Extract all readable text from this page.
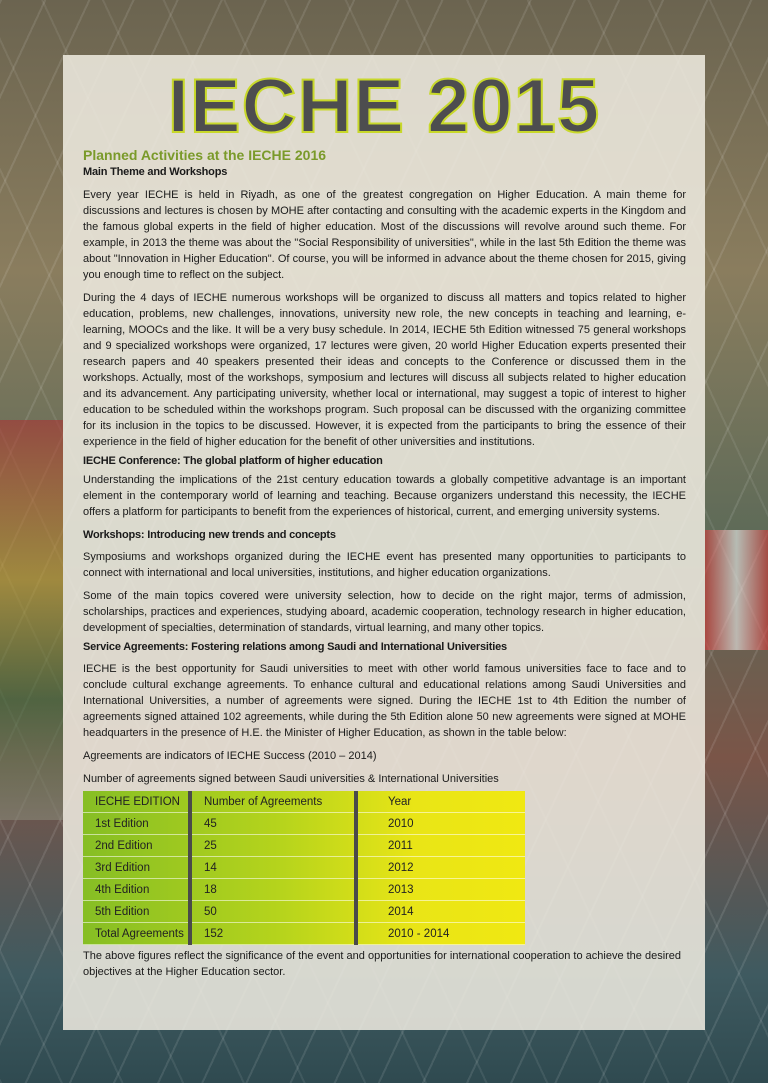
IECHE 2015
Planned Activities at the IECHE 2016
Main Theme and Workshops

Every year IECHE is held in Riyadh, as one of the greatest congregation on Higher Education. A main theme for discussions and lectures is chosen by MOHE after contacting and consulting with the academic experts in the Kingdom and the famous global experts in the field of higher education. Most of the discussions will revolve around such theme. For example, in 2013 the theme was about the "Social Responsibility of universities", while in the last 5th Edition the theme was about "Innovation in Higher Education". Of course, you will be informed in advance about the theme chosen for 2015, giving you enough time to reflect on the subject.

During the 4 days of IECHE numerous workshops will be organized to discuss all matters and topics related to higher education, problems, new challenges, innovations, university new role, the new concepts in teaching and learning, e-learning, MOOCs and the like. It will be a very busy schedule. In 2014, IECHE 5th Edition witnessed 75 general workshops and 9 specialized workshops were organized, 17 lectures were given, 20 world Higher Education experts presented their research papers and 40 speakers presented their ideas and concepts to the Conference or discussed them in the workshops. Actually, most of the workshops, symposium and lectures will discuss all subjects related to higher education and its advancement. Any participating university, whether local or international, may suggest a topic of interest to higher education to be scheduled within the workshops program. Such proposal can be discussed with the organizing committee for its inclusion in the topics to be discussed. However, it is expected from the participants to bring the essence of their experience in the field of higher education for the benefit of other universities and institutions.

IECHE Conference: The global platform of higher education

Understanding the implications of the 21st century education towards a globally competitive advantage is an important element in the contemporary world of learning and teaching. Because organizers understand this necessity, the IECHE offers a platform for participants to benefit from the experiences of historical, current, and emerging university systems.

Workshops: Introducing new trends and concepts

Symposiums and workshops organized during the IECHE event has presented many opportunities to participants to connect with international and local universities, institutions, and higher education organizations.

Some of the main topics covered were university selection, how to decide on the right major, terms of admission, scholarships, practices and experiences, studying aboard, academic cooperation, technology research in higher education, development of specialties, determination of standards, virtual learning, and many other topics.

Service Agreements: Fostering relations among Saudi and International Universities

IECHE is the best opportunity for Saudi universities to meet with other world famous universities face to face and to conclude cultural exchange agreements. To enhance cultural and educational relations among Saudi Universities and International Universities, a number of agreements were signed. During the IECHE 1st to 4th Edition the number of agreements signed attained 102 agreements, while during the 5th Edition alone 50 new agreements were signed at MOHE headquarters in the presence of H.E. the Minister of Higher Education, as shown in the table below:

Agreements are indicators of IECHE Success (2010 – 2014)

Number of agreements signed between Saudi universities & International Universities

IECHE EDITION	Number of Agreements	Year
1st Edition	45	2010
2nd Edition	25	2011
3rd Edition	14	2012
4th Edition	18	2013
5th Edition	50	2014
Total Agreements	152	2010 - 2014

The above figures reflect the significance of the event and opportunities for international cooperation to achieve the desired objectives at the Higher Education sector.
